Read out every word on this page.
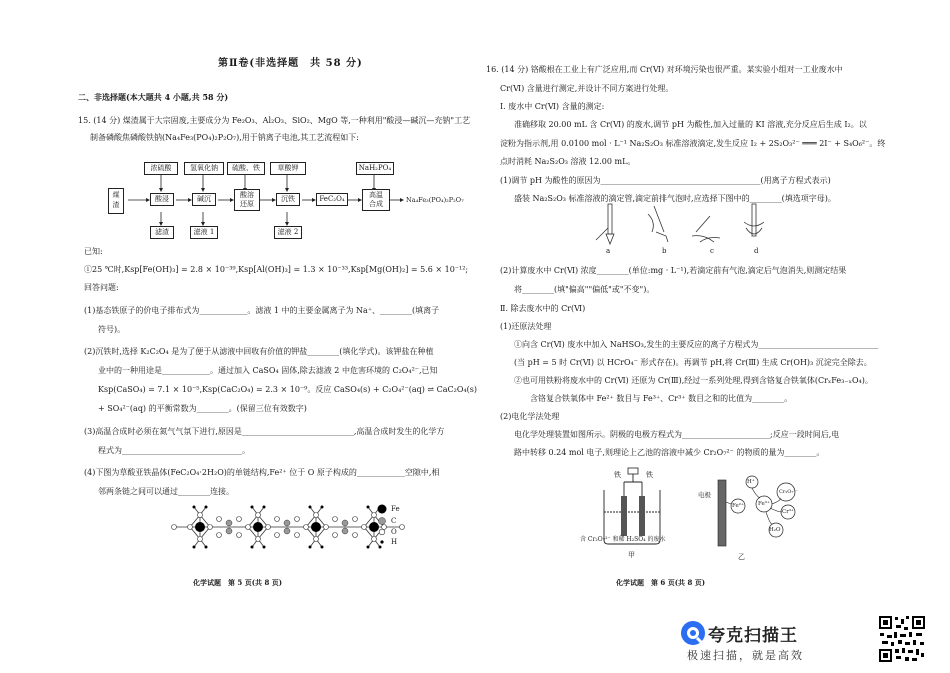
第Ⅱ卷(非选择题　共 58 分)
二、非选择题(本大题共 4 小题,共 58 分)
15. (14 分) 煤渣属于大宗固废,主要成分为 Fe₂O₃、Al₂O₃、SiO₂、MgO 等,一种利用"酸浸—碱沉—充钠"工艺
制备磷酸焦磷酸铁钠(Na₄Fe₃(PO₄)₂P₂O₇),用于钠离子电池,其工艺流程如下:
煤渣
浓硫酸	氢氧化钠	硫酸、铁	草酸钾	NaH₂PO₄
酸浸	碱沉	酸溶
还原
沉铁	FeC₂O₄	高温
合成	Na₄Fe₃(PO₄)₂P₂O₇
滤渣	滤液 1	滤液 2
已知:
①25 ℃时,Ksp[Fe(OH)₃] = 2.8 × 10⁻³⁹,Ksp[Al(OH)₃] = 1.3 × 10⁻³³,Ksp[Mg(OH)₂] = 5.6 × 10⁻¹²;
回答问题:
(1)基态铁原子的价电子排布式为____________。滤液 1 中的主要金属离子为 Na⁺、________(填离子
符号)。
(2)沉铁时,选择 K₂C₂O₄ 是为了便于从滤液中回收有价值的钾盐________(填化学式)。该钾盐在种植
业中的一种用途是____________。通过加入 CaSO₄ 固体,除去滤液 2 中危害环境的 C₂O₄²⁻,已知
Ksp(CaSO₄) = 7.1 × 10⁻⁵,Ksp(CaC₂O₄) = 2.3 × 10⁻⁹。反应 CaSO₄(s) + C₂O₄²⁻(aq) ⇌ CaC₂O₄(s)
+ SO₄²⁻(aq) 的平衡常数为________。(保留三位有效数字)
(3)高温合成时必须在氮气气氛下进行,原因是____________________________,高温合成时发生的化学方
程式为______________________________。
(4)下图为草酸亚铁晶体(FeC₂O₄·2H₂O)的单链结构,Fe²⁺ 位于 O 原子构成的____________空隙中,相
邻两条链之间可以通过________连接。
Fe
C
O
H
化学试题　第 5 页(共 8 页)
16. (14 分) 铬酸根在工业上有广泛应用,而 Cr(Ⅵ) 对环境污染也很严重。某实验小组对一工业废水中
Cr(Ⅵ) 含量进行测定,并设计不同方案进行处理。
Ⅰ. 废水中 Cr(Ⅵ) 含量的测定:
准确移取 20.00 mL 含 Cr(Ⅵ) 的废水,调节 pH 为酸性,加入过量的 KI 溶液,充分反应后生成 I₂。以
淀粉为指示剂,用 0.0100 mol · L⁻¹ Na₂S₂O₃ 标准溶液滴定,发生反应 I₂ + 2S₂O₃²⁻ ═══ 2I⁻ + S₄O₆²⁻。终
点时消耗 Na₂S₂O₃ 溶液 12.00 mL。
(1)调节 pH 为酸性的原因为________________________________________(用离子方程式表示)
盛装 Na₂S₂O₃ 标准溶液的滴定管,滴定前排气泡时,应选择下图中的________(填选项字母)。
a	b	c	d
(2)计算废水中 Cr(Ⅵ) 浓度________(单位:mg · L⁻¹),若滴定前有气泡,滴定后气泡消失,则测定结果
将________(填"偏高""偏低"或"不变")。
Ⅱ. 除去废水中的 Cr(Ⅵ)
(1)还原法处理
①向含 Cr(Ⅵ) 废水中加入 NaHSO₃,发生的主要反应的离子方程式为______________________________
(当 pH = 5 时 Cr(Ⅵ) 以 HCrO₄⁻ 形式存在)。再调节 pH,将 Cr(Ⅲ) 生成 Cr(OH)₃ 沉淀完全除去。
②也可用铁粉将废水中的 Cr(Ⅵ) 还原为 Cr(Ⅲ),经过一系列处理,得到含铬复合铁氧体(CrₓFe₃₋ₓO₄)。
含铬复合铁氧体中 Fe²⁺ 数目与 Fe³⁺、Cr³⁺ 数目之和的比值为________。
(2)电化学法处理
电化学处理装置如图所示。阴极的电极方程式为______________________;反应一段时间后,电
路中转移 0.24 mol 电子,则理论上乙池的溶液中减少 Cr₂O₇²⁻ 的物质的量为________。
铁	铁
含 Cr₂O₇²⁻ 和稀 H₂SO₄ 的废水
甲
电极
H⁺
Fe²⁺	Fe³⁺
Cr₂O₇²⁻
Cr³⁺
H₂O
乙
化学试题　第 6 页(共 8 页)
夸克扫描王
极速扫描，就是高效
